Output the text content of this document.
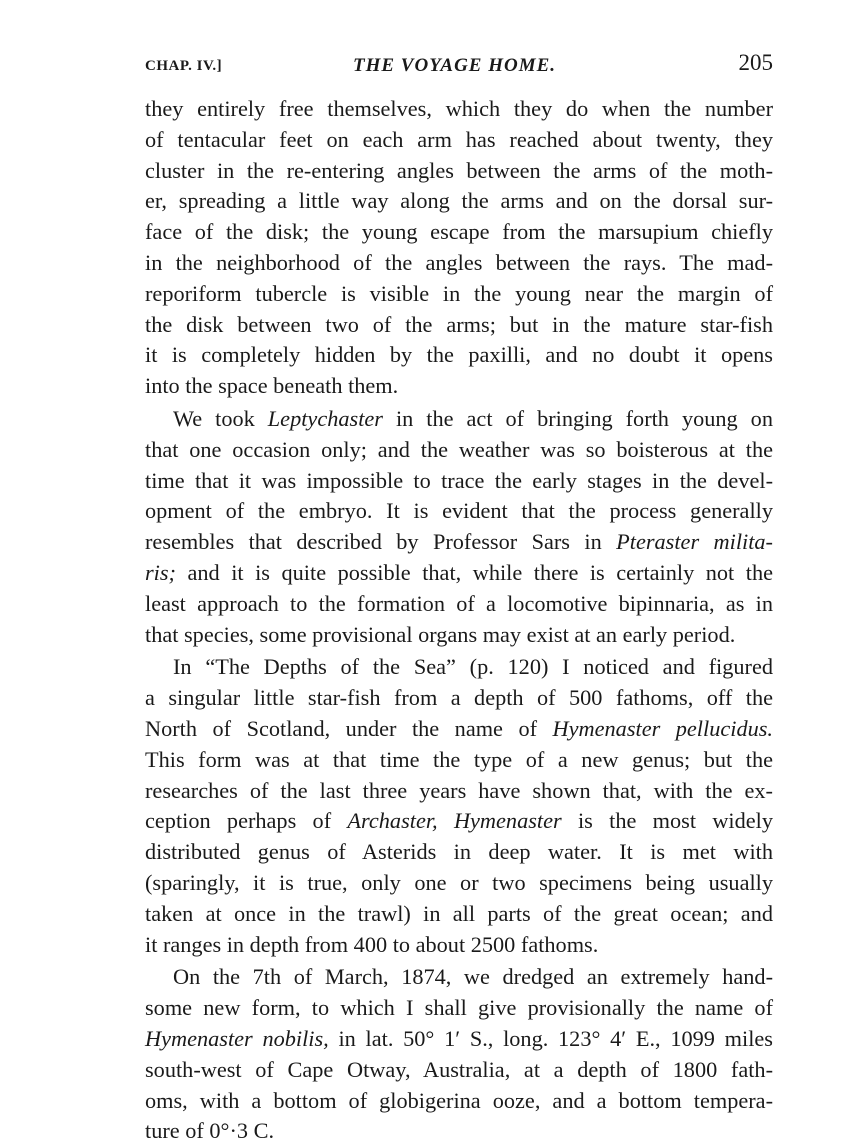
CHAP. IV.]	THE VOYAGE HOME.	205
they entirely free themselves, which they do when the number
of tentacular feet on each arm has reached about twenty, they
cluster in the re-entering angles between the arms of the moth-
er, spreading a little way along the arms and on the dorsal sur-
face of the disk; the young escape from the marsupium chiefly
in the neighborhood of the angles between the rays. The mad-
reporiform tubercle is visible in the young near the margin of
the disk between two of the arms; but in the mature star-fish
it is completely hidden by the paxilli, and no doubt it opens
into the space beneath them.
We took Leptychaster in the act of bringing forth young on
that one occasion only; and the weather was so boisterous at the
time that it was impossible to trace the early stages in the devel-
opment of the embryo. It is evident that the process generally
resembles that described by Professor Sars in Pteraster milita-
ris; and it is quite possible that, while there is certainly not the
least approach to the formation of a locomotive bipinnaria, as in
that species, some provisional organs may exist at an early period.
In “The Depths of the Sea” (p. 120) I noticed and figured
a singular little star-fish from a depth of 500 fathoms, off the
North of Scotland, under the name of Hymenaster pellucidus.
This form was at that time the type of a new genus; but the
researches of the last three years have shown that, with the ex-
ception perhaps of Archaster, Hymenaster is the most widely
distributed genus of Asterids in deep water. It is met with
(sparingly, it is true, only one or two specimens being usually
taken at once in the trawl) in all parts of the great ocean; and
it ranges in depth from 400 to about 2500 fathoms.
On the 7th of March, 1874, we dredged an extremely hand-
some new form, to which I shall give provisionally the name of
Hymenaster nobilis, in lat. 50° 1′ S., long. 123° 4′ E., 1099 miles
south-west of Cape Otway, Australia, at a depth of 1800 fath-
oms, with a bottom of globigerina ooze, and a bottom tempera-
ture of 0°·3 C.
